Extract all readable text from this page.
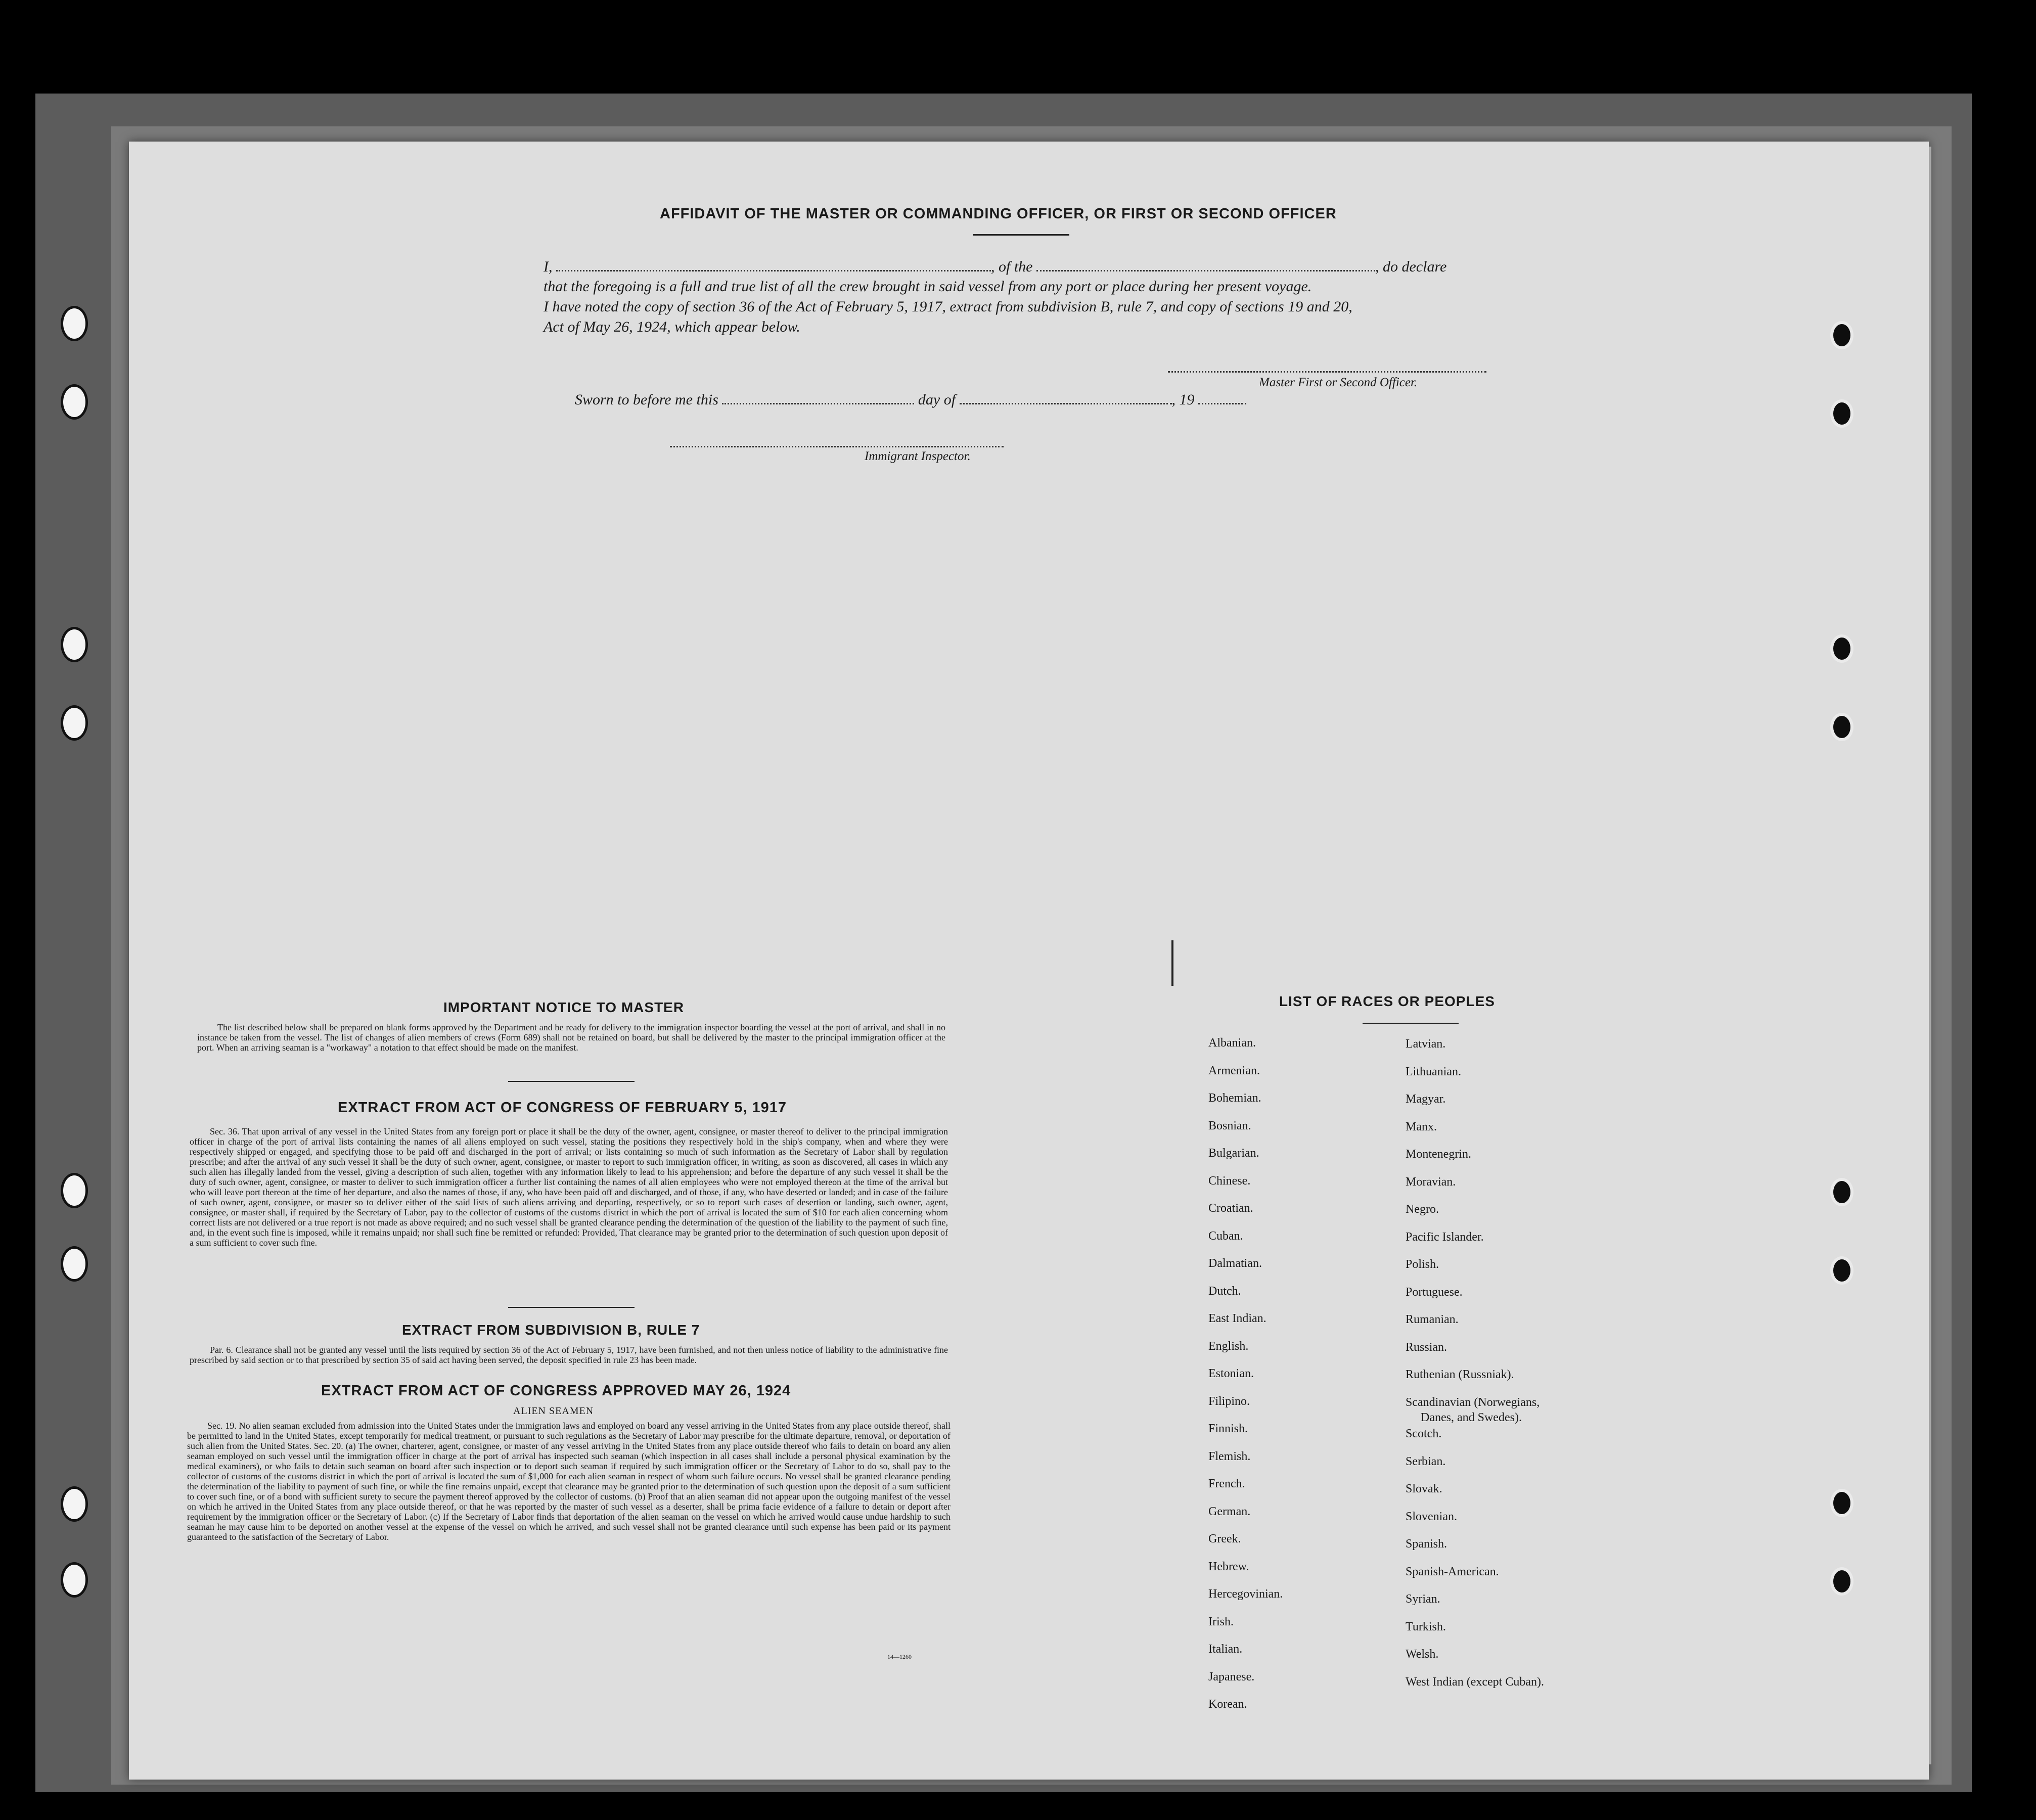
AFFIDAVIT OF THE MASTER OR COMMANDING OFFICER, OR FIRST OR SECOND OFFICER
I,	, of the	, do declare
that the foregoing is a full and true list of all the crew brought in said vessel from any port or place during her present voyage.
I have noted the copy of section 36 of the Act of February 5, 1917, extract from subdivision B, rule 7, and copy of sections 19 and 20,
Act of May 26, 1924, which appear below.
Master First or Second Officer.
Sworn to before me this	day of	, 19
Immigrant Inspector.
IMPORTANT NOTICE TO MASTER
The list described below shall be prepared on blank forms approved by the Department and be ready for delivery to the immigration inspector boarding the vessel at the port of arrival, and shall in no instance be taken from the vessel. The list of changes of alien members of crews (Form 689) shall not be retained on board, but shall be delivered by the master to the principal immigration officer at the port. When an arriving seaman is a "workaway" a notation to that effect should be made on the manifest.
EXTRACT FROM ACT OF CONGRESS OF FEBRUARY 5, 1917
Sec. 36. That upon arrival of any vessel in the United States from any foreign port or place it shall be the duty of the owner, agent, consignee, or master thereof to deliver to the principal immigration officer in charge of the port of arrival lists containing the names of all aliens employed on such vessel, stating the positions they respectively hold in the ship's company, when and where they were respectively shipped or engaged, and specifying those to be paid off and discharged in the port of arrival; or lists containing so much of such information as the Secretary of Labor shall by regulation prescribe; and after the arrival of any such vessel it shall be the duty of such owner, agent, consignee, or master to report to such immigration officer, in writing, as soon as discovered, all cases in which any such alien has illegally landed from the vessel, giving a description of such alien, together with any information likely to lead to his apprehension; and before the departure of any such vessel it shall be the duty of such owner, agent, consignee, or master to deliver to such immigration officer a further list containing the names of all alien employees who were not employed thereon at the time of the arrival but who will leave port thereon at the time of her departure, and also the names of those, if any, who have been paid off and discharged, and of those, if any, who have deserted or landed; and in case of the failure of such owner, agent, consignee, or master so to deliver either of the said lists of such aliens arriving and departing, respectively, or so to report such cases of desertion or landing, such owner, agent, consignee, or master shall, if required by the Secretary of Labor, pay to the collector of customs of the customs district in which the port of arrival is located the sum of $10 for each alien concerning whom correct lists are not delivered or a true report is not made as above required; and no such vessel shall be granted clearance pending the determination of the question of the liability to the payment of such fine, and, in the event such fine is imposed, while it remains unpaid; nor shall such fine be remitted or refunded: Provided, That clearance may be granted prior to the determination of such question upon deposit of a sum sufficient to cover such fine.
EXTRACT FROM SUBDIVISION B, RULE 7
Par. 6. Clearance shall not be granted any vessel until the lists required by section 36 of the Act of February 5, 1917, have been furnished, and not then unless notice of liability to the administrative fine prescribed by said section or to that prescribed by section 35 of said act having been served, the deposit specified in rule 23 has been made.
EXTRACT FROM ACT OF CONGRESS APPROVED MAY 26, 1924
ALIEN SEAMEN
Sec. 19. No alien seaman excluded from admission into the United States under the immigration laws and employed on board any vessel arriving in the United States from any place outside thereof, shall be permitted to land in the United States, except temporarily for medical treatment, or pursuant to such regulations as the Secretary of Labor may prescribe for the ultimate departure, removal, or deportation of such alien from the United States. Sec. 20. (a) The owner, charterer, agent, consignee, or master of any vessel arriving in the United States from any place outside thereof who fails to detain on board any alien seaman employed on such vessel until the immigration officer in charge at the port of arrival has inspected such seaman (which inspection in all cases shall include a personal physical examination by the medical examiners), or who fails to detain such seaman on board after such inspection or to deport such seaman if required by such immigration officer or the Secretary of Labor to do so, shall pay to the collector of customs of the customs district in which the port of arrival is located the sum of $1,000 for each alien seaman in respect of whom such failure occurs. No vessel shall be granted clearance pending the determination of the liability to payment of such fine, or while the fine remains unpaid, except that clearance may be granted prior to the determination of such question upon the deposit of a sum sufficient to cover such fine, or of a bond with sufficient surety to secure the payment thereof approved by the collector of customs. (b) Proof that an alien seaman did not appear upon the outgoing manifest of the vessel on which he arrived in the United States from any place outside thereof, or that he was reported by the master of such vessel as a deserter, shall be prima facie evidence of a failure to detain or deport after requirement by the immigration officer or the Secretary of Labor. (c) If the Secretary of Labor finds that deportation of the alien seaman on the vessel on which he arrived would cause undue hardship to such seaman he may cause him to be deported on another vessel at the expense of the vessel on which he arrived, and such vessel shall not be granted clearance until such expense has been paid or its payment guaranteed to the satisfaction of the Secretary of Labor.
14—1260
LIST OF RACES OR PEOPLES
Albanian.
Armenian.
Bohemian.
Bosnian.
Bulgarian.
Chinese.
Croatian.
Cuban.
Dalmatian.
Dutch.
East Indian.
English.
Estonian.
Filipino.
Finnish.
Flemish.
French.
German.
Greek.
Hebrew.
Hercegovinian.
Irish.
Italian.
Japanese.
Korean.
Latvian.
Lithuanian.
Magyar.
Manx.
Montenegrin.
Moravian.
Negro.
Pacific Islander.
Polish.
Portuguese.
Rumanian.
Russian.
Ruthenian (Russniak).
Scandinavian (Norwegians,
Danes, and Swedes).
Scotch.
Serbian.
Slovak.
Slovenian.
Spanish.
Spanish-American.
Syrian.
Turkish.
Welsh.
West Indian (except Cuban).
